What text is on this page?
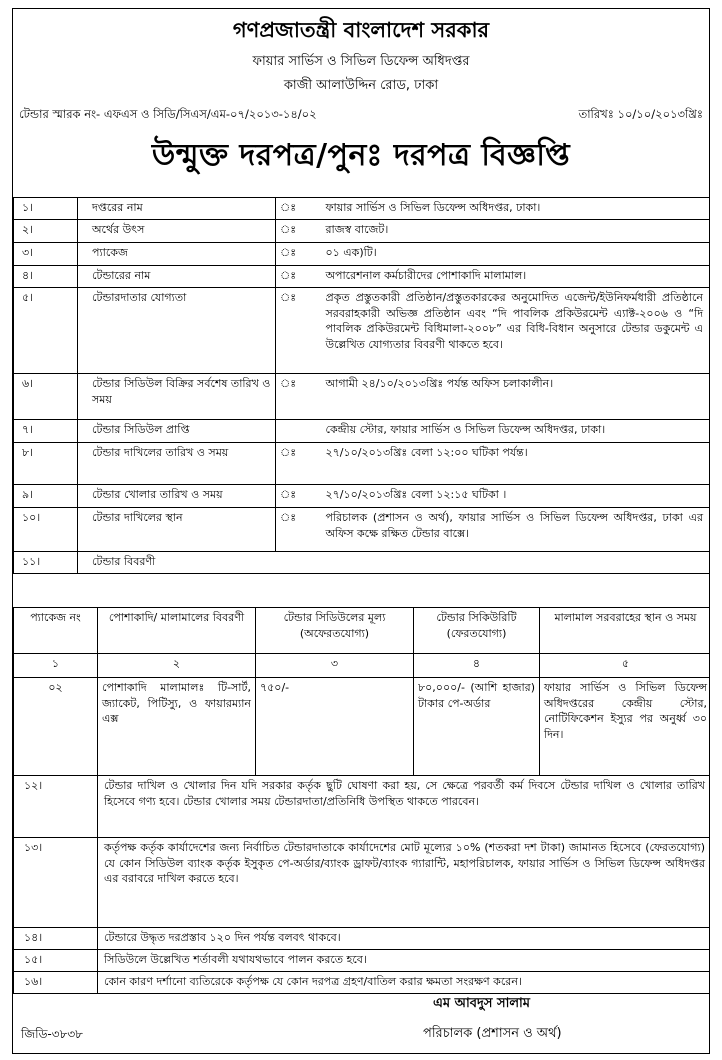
গণপ্রজাতন্ত্রী বাংলাদেশ সরকার
ফায়ার সার্ভিস ও সিভিল ডিফেন্স অধিদপ্তর
কাজী আলাউদ্দিন রোড, ঢাকা
টেন্ডার স্মারক নং- এফএস ও সিডি/সিএস/এম-০৭/২০১৩-১৪/০২	তারিখঃ ১০/১০/২০১৩খ্রিঃ
উন্মুক্ত দরপত্র/পুনঃ দরপত্র বিজ্ঞপ্তি
১।	দপ্তরের নাম	ঃ	ফায়ার সার্ভিস ও সিভিল ডিফেন্স অধিদপ্তর, ঢাকা।
২।	অর্থের উৎস	ঃ	রাজস্ব বাজেট।
৩।	প্যাকেজ	ঃ	০১ এক)টি।
৪।	টেন্ডারের নাম	ঃ	অপারেশনাল কর্মচারীদের পোশাকাদি মালামাল।
৫।	টেন্ডারদাতার যোগ্যতা	ঃ	প্রকৃত প্রস্তুতকারী প্রতিষ্ঠান/প্রস্তুতকারকের অনুমোদিত এজেন্ট/ইউনিফর্মধারী প্রতিষ্ঠানে সরবরাহকারী অভিজ্ঞ প্রতিষ্ঠান এবং “দি পাবলিক প্রকিউরমেন্ট এ্যাক্ট-২০০৬ ও “দি পাবলিক প্রকিউরমেন্ট বিধিমালা-২০০৮” এর বিধি-বিধান অনুসারে টেন্ডার ডকুমেন্ট এ উল্লেখিত যোগ্যতার বিবরণী থাকতে হবে।
৬।	টেন্ডার সিডিউল বিক্রির সর্বশেষ তারিখ ও সময়	ঃ	আগামী ২৪/১০/২০১৩খ্রিঃ পর্যন্ত অফিস চলাকালীন।
৭।	টেন্ডার সিডিউল প্রাপ্তি		কেন্দ্রীয় স্টোর, ফায়ার সার্ভিস ও সিভিল ডিফেন্স অধিদপ্তর, ঢাকা।
৮।	টেন্ডার দাখিলের তারিখ ও সময়	ঃ	২৭/১০/২০১৩খ্রিঃ বেলা ১২:০০ ঘটিকা পর্যন্ত।
৯।	টেন্ডার খোলার তারিখ ও সময়	ঃ	২৭/১০/২০১৩খ্রিঃ বেলা ১২:১৫ ঘটিকা ।
১০।	টেন্ডার দাখিলের স্থান	ঃ	পরিচালক (প্রশাসন ও অর্থ), ফায়ার সার্ভিস ও সিভিল ডিফেন্স অধিদপ্তর, ঢাকা এর অফিস কক্ষে রক্ষিত টেন্ডার বাক্সে।
১১।	টেন্ডার বিবরণী		
প্যাকেজ নং	পোশাকাদি/ মালামালের বিবরণী	টেন্ডার সিডিউলের মূল্য (অফেরতযোগ্য)	টেন্ডার সিকিউরিটি (ফেরতযোগ্য)	মালামাল সরবরাহের স্থান ও সময়
১	২	৩	৪	৫
০২	পোশাকাদি মালামালঃ টি-সার্ট, জ্যাকেট, পিটিস্যু, ও ফায়ারম্যান এক্স	৭৫০/-	৮০,০০০/- (আশি হাজার) টাকার পে-অর্ডার	ফায়ার সার্ভিস ও সিভিল ডিফেন্স অধিদপ্তরের কেন্দ্রীয় স্টোর, নোটিফিকেশন ইস্যুর পর অনুর্ধ্ব ৩০ দিন।
১২।	টেন্ডার দাখিল ও খোলার দিন যদি সরকার কর্তৃক ছুটি ঘোষণা করা হয়, সে ক্ষেত্রে পরবর্তী কর্ম দিবসে টেন্ডার দাখিল ও খোলার তারিখ হিসেবে গণ্য হবে। টেন্ডার খোলার সময় টেন্ডারদাতা/প্রতিনিধি উপস্থিত থাকতে পারবেন।
১৩।	কর্তৃপক্ষ কর্তৃক কার্যাদেশের জন্য নির্বাচিত টেন্ডারদাতাকে কার্যাদেশের মোট মূল্যের ১০% (শতকরা দশ টাকা) জামানত হিসেবে (ফেরতযোগ্য) যে কোন সিডিউল ব্যাংক কর্তৃক ইসুকৃত পে-অর্ডার/ব্যাংক ড্রাফট/ব্যাংক গ্যারান্টি, মহাপরিচালক, ফায়ার সার্ভিস ও সিভিল ডিফেন্স অধিদপ্তর এর বরাবরে দাখিল করতে হবে।
১৪।	টেন্ডারে উদ্ধৃত দরপ্রস্তাব ১২০ দিন পর্যন্ত বলবৎ থাকবে।
১৫।	সিডিউলে উল্লেখিত শর্তাবলী যথাযথভাবে পালন করতে হবে।
১৬।	কোন কারণ দর্শানো ব্যতিরেকে কর্তৃপক্ষ যে কোন দরপত্র গ্রহণ/বাতিল করার ক্ষমতা সংরক্ষণ করেন।
এম আবদুস সালাম
পরিচালক (প্রশাসন ও অর্থ)
জিডি-৩৮৩৮
